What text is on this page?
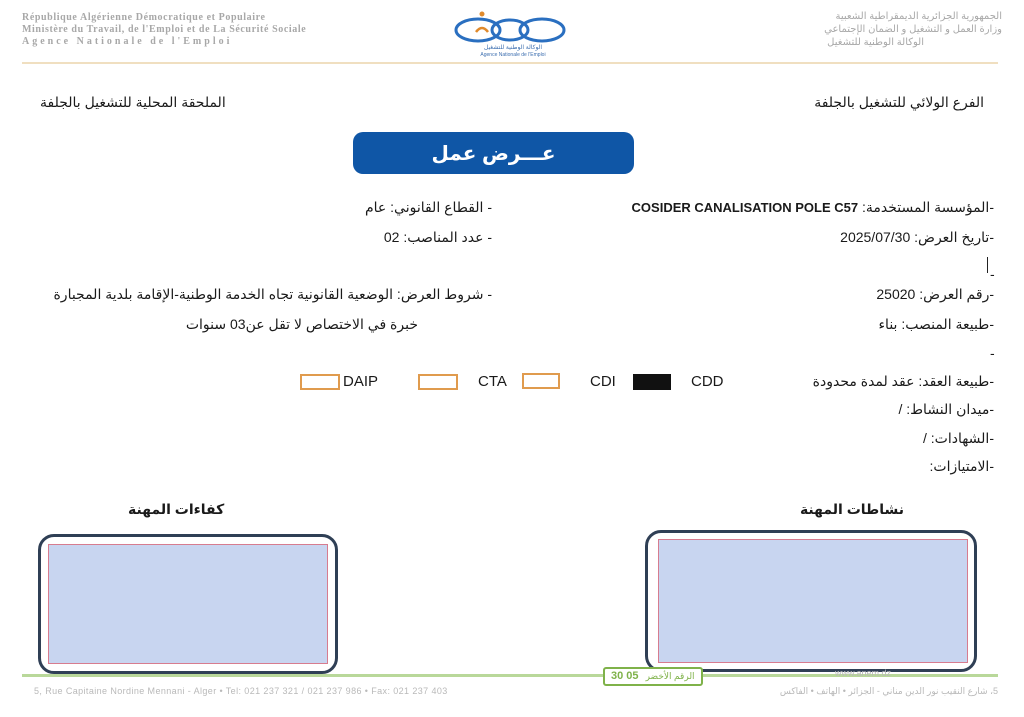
République Algérienne Démocratique et Populaire
Ministère du Travail, de l'Emploi et de La Sécurité Sociale
Agence Nationale de l'Emploi
الوكالة الوطنية للتشغيل
Agence Nationale de l'Emploi
الجمهورية الجزائرية الديمقراطية الشعبية
وزارة العمل و التشغيل و الضمان الإجتماعي
الوكالة الوطنية للتشغيل
الفرع الولائي للتشغيل بالجلفة
الملحقة المحلية للتشغيل بالجلفة
عـــرض عمل
-المؤسسة المستخدمة: COSIDER CANALISATION POLE C57
-تاريخ العرض: 2025/07/30
-
-رقم العرض: 25020
-طبيعة المنصب: بناء
-
-طبيعة العقد: عقد لمدة محدودة
-ميدان النشاط: /
-الشهادات: /
-الامتيازات:
CDD
CDI
CTA
DAIP
- القطاع القانوني: عام
- عدد المناصب: 02
- شروط العرض: الوضعية القانونية تجاه الخدمة الوطنية-الإقامة بلدية المجبارة
خبرة في الاختصاص لا تقل عن03 سنوات
نشاطات المهنة
كفاءات المهنة
30 05 الرقم الأخضر	www.anem.dz
5, Rue Capitaine Nordine Mennani - Alger • Tel: 021 237 321 / 021 237 986 • Fax: 021 237 403	5، شارع النقيب نور الدين مناني - الجزائر • الهاتف • الفاكس
